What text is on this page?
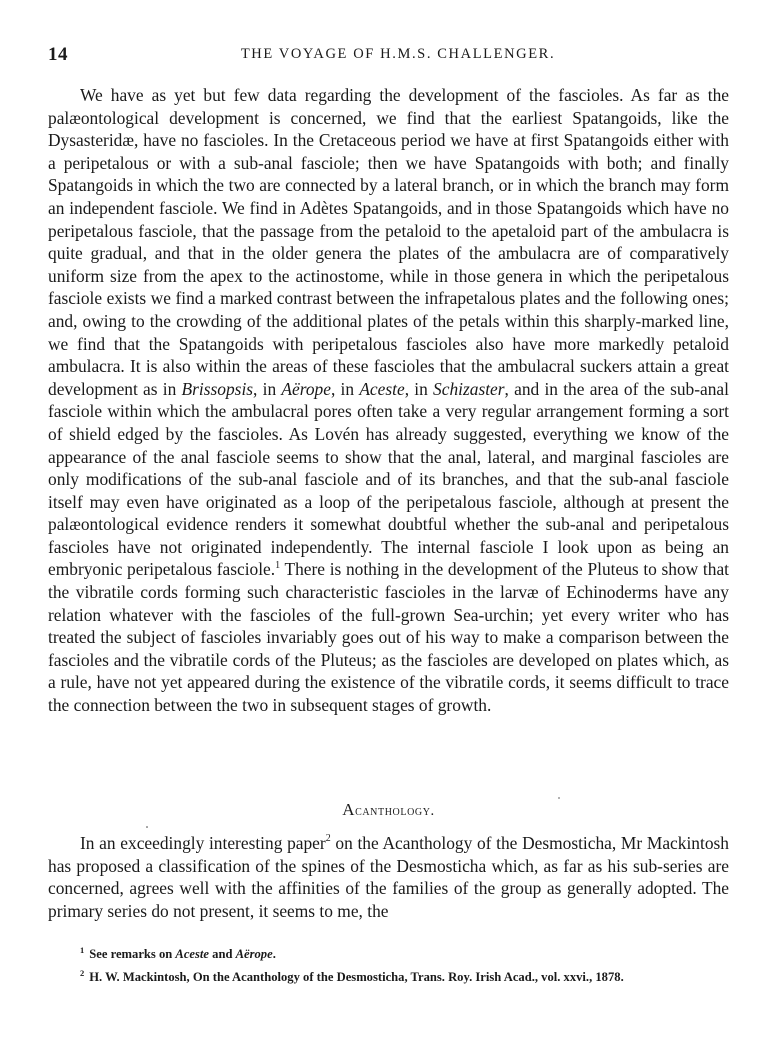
14	THE VOYAGE OF H.M.S. CHALLENGER.

We have as yet but few data regarding the development of the fascioles. As far as the palæontological development is concerned, we find that the earliest Spatangoids, like the Dysasteridæ, have no fascioles. In the Cretaceous period we have at first Spatangoids either with a peripetalous or with a sub-anal fasciole; then we have Spatangoids with both; and finally Spatangoids in which the two are connected by a lateral branch, or in which the branch may form an independent fasciole. We find in Adètes Spatangoids, and in those Spatangoids which have no peripetalous fasciole, that the passage from the petaloid to the apetaloid part of the ambulacra is quite gradual, and that in the older genera the plates of the ambulacra are of comparatively uniform size from the apex to the actinostome, while in those genera in which the peripetalous fasciole exists we find a marked contrast between the infrapetalous plates and the following ones; and, owing to the crowding of the additional plates of the petals within this sharply-marked line, we find that the Spatangoids with peripetalous fascioles also have more markedly petaloid ambulacra. It is also within the areas of these fascioles that the ambulacral suckers attain a great development as in Brissopsis, in Aërope, in Aceste, in Schizaster, and in the area of the sub-anal fasciole within which the ambulacral pores often take a very regular arrangement forming a sort of shield edged by the fascioles. As Lovén has already suggested, everything we know of the appearance of the anal fasciole seems to show that the anal, lateral, and marginal fascioles are only modifications of the sub-anal fasciole and of its branches, and that the sub-anal fasciole itself may even have originated as a loop of the peripetalous fasciole, although at present the palæontological evidence renders it somewhat doubtful whether the sub-anal and peripetalous fascioles have not originated independently. The internal fasciole I look upon as being an embryonic peripetalous fasciole.$^1$ There is nothing in the development of the Pluteus to show that the vibratile cords forming such characteristic fascioles in the larvæ of Echinoderms have any relation whatever with the fascioles of the full-grown Sea-urchin; yet every writer who has treated the subject of fascioles invariably goes out of his way to make a comparison between the fascioles and the vibratile cords of the Pluteus; as the fascioles are developed on plates which, as a rule, have not yet appeared during the existence of the vibratile cords, it seems difficult to trace the connection between the two in subsequent stages of growth.

Acanthology.

In an exceedingly interesting paper$^2$ on the Acanthology of the Desmosticha, Mr Mackintosh has proposed a classification of the spines of the Desmosticha which, as far as his sub-series are concerned, agrees well with the affinities of the families of the group as generally adopted. The primary series do not present, it seems to me, the

$^1$ See remarks on Aceste and Aërope.

$^2$ H. W. Mackintosh, On the Acanthology of the Desmosticha, Trans. Roy. Irish Acad., vol. xxvi., 1878.
